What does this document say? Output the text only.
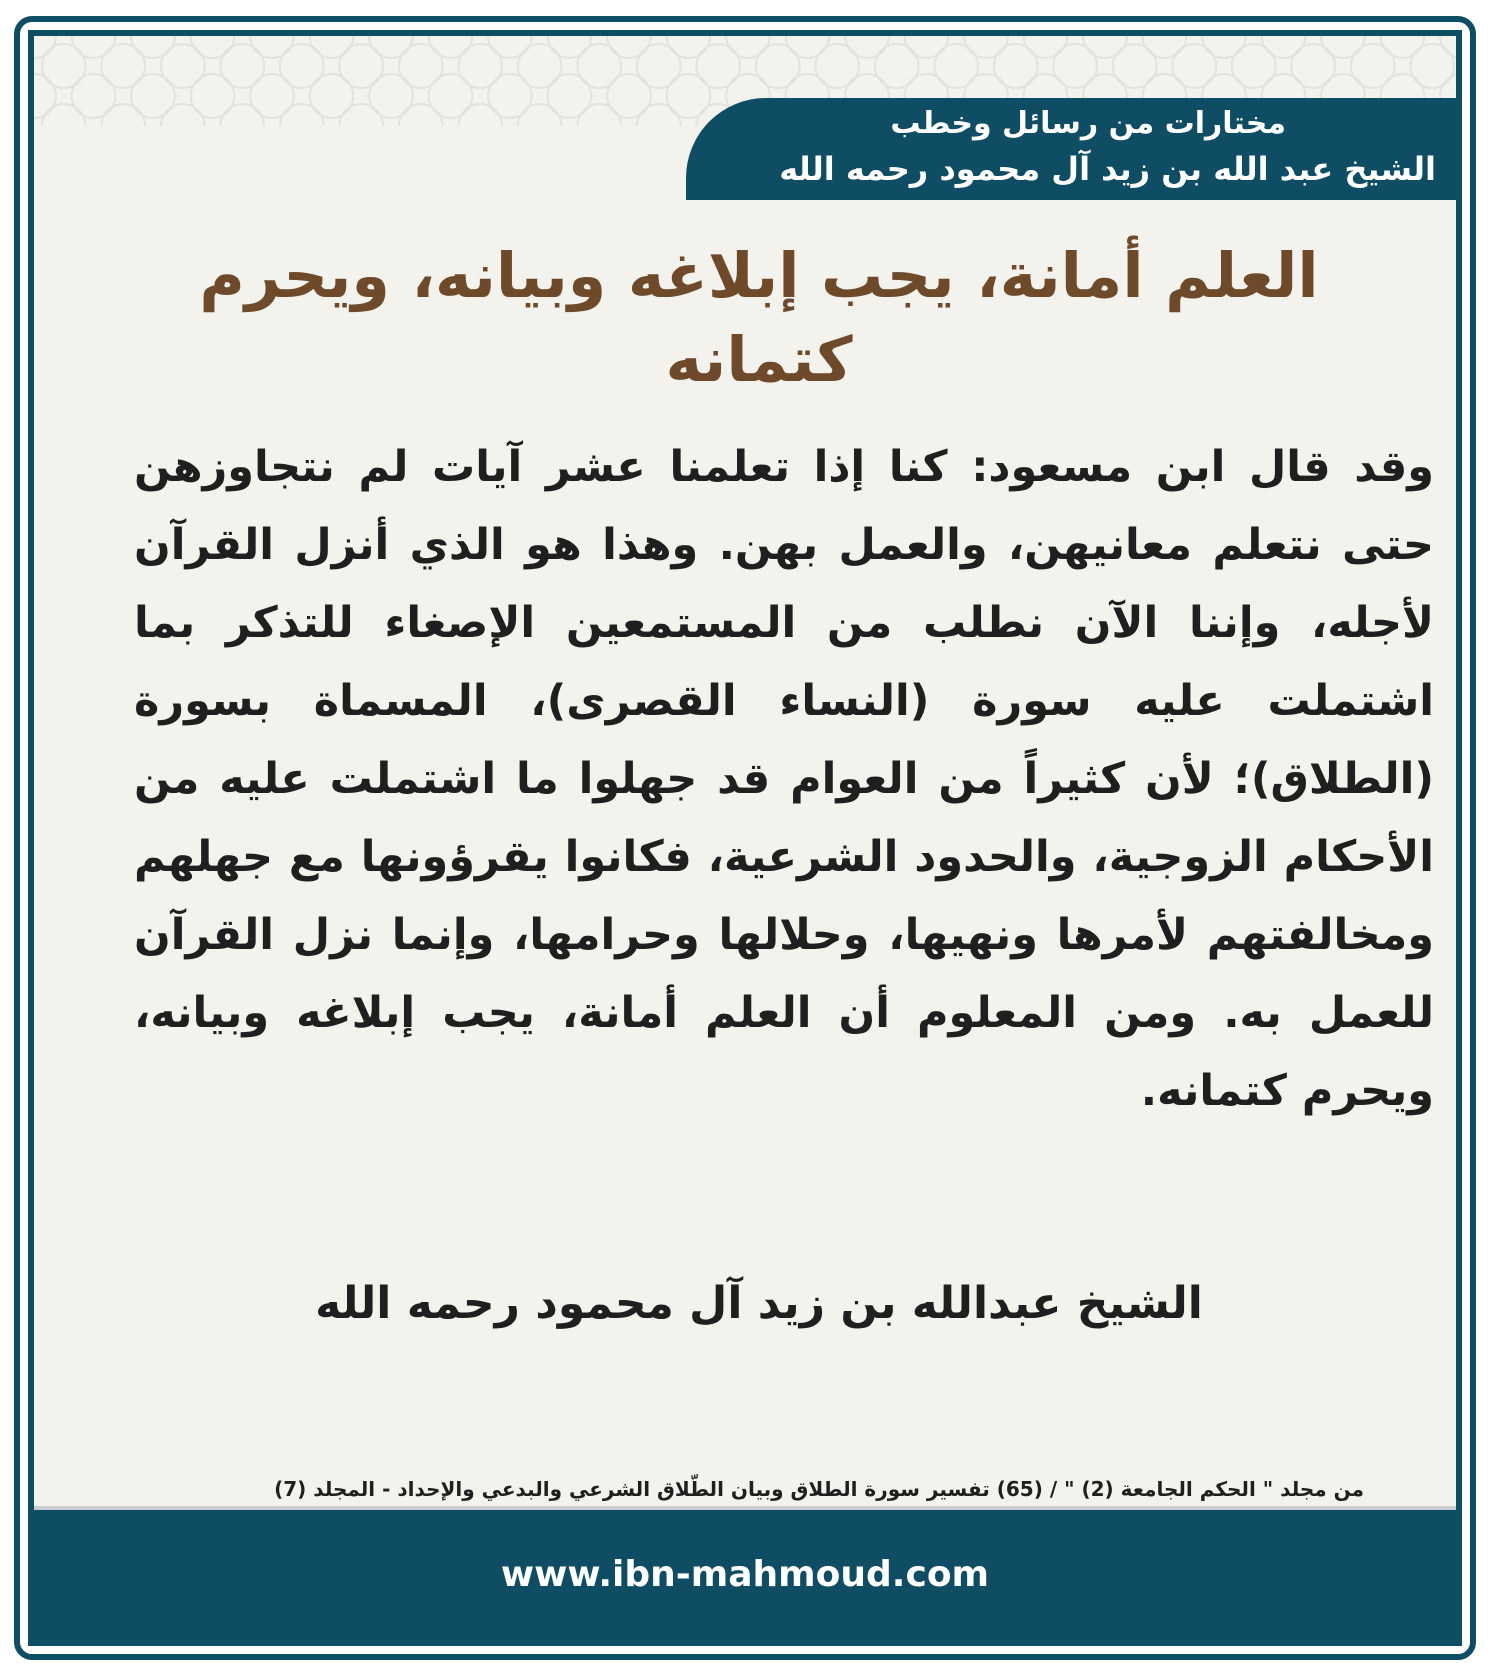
مختارات من رسائل وخطب
الشيخ عبد الله بن زيد آل محمود رحمه الله
العلم أمانة، يجب إبلاغه وبيانه، ويحرم كتمانه
وقد قال ابن مسعود: كنا إذا تعلمنا عشر آيات لم نتجاوزهن حتى نتعلم معانيهن، والعمل بهن. وهذا هو الذي أنزل القرآن لأجله، وإننا الآن نطلب من المستمعين الإصغاء للتذكر بما اشتملت عليه سورة (النساء القصرى)، المسماة بسورة (الطلاق)؛ لأن كثيراً من العوام قد جهلوا ما اشتملت عليه من الأحكام الزوجية، والحدود الشرعية، فكانوا يقرؤونها مع جهلهم ومخالفتهم لأمرها ونهيها، وحلالها وحرامها، وإنما نزل القرآن للعمل به. ومن المعلوم أن العلم أمانة، يجب إبلاغه وبيانه، ويحرم كتمانه.
الشيخ عبدالله بن زيد آل محمود رحمه الله
من مجلد " الحكم الجامعة (2) " / (65) تفسير سورة الطلاق وبيان الطّلاق الشرعي والبدعي والإحداد - المجلد (7)
www.ibn-mahmoud.com
